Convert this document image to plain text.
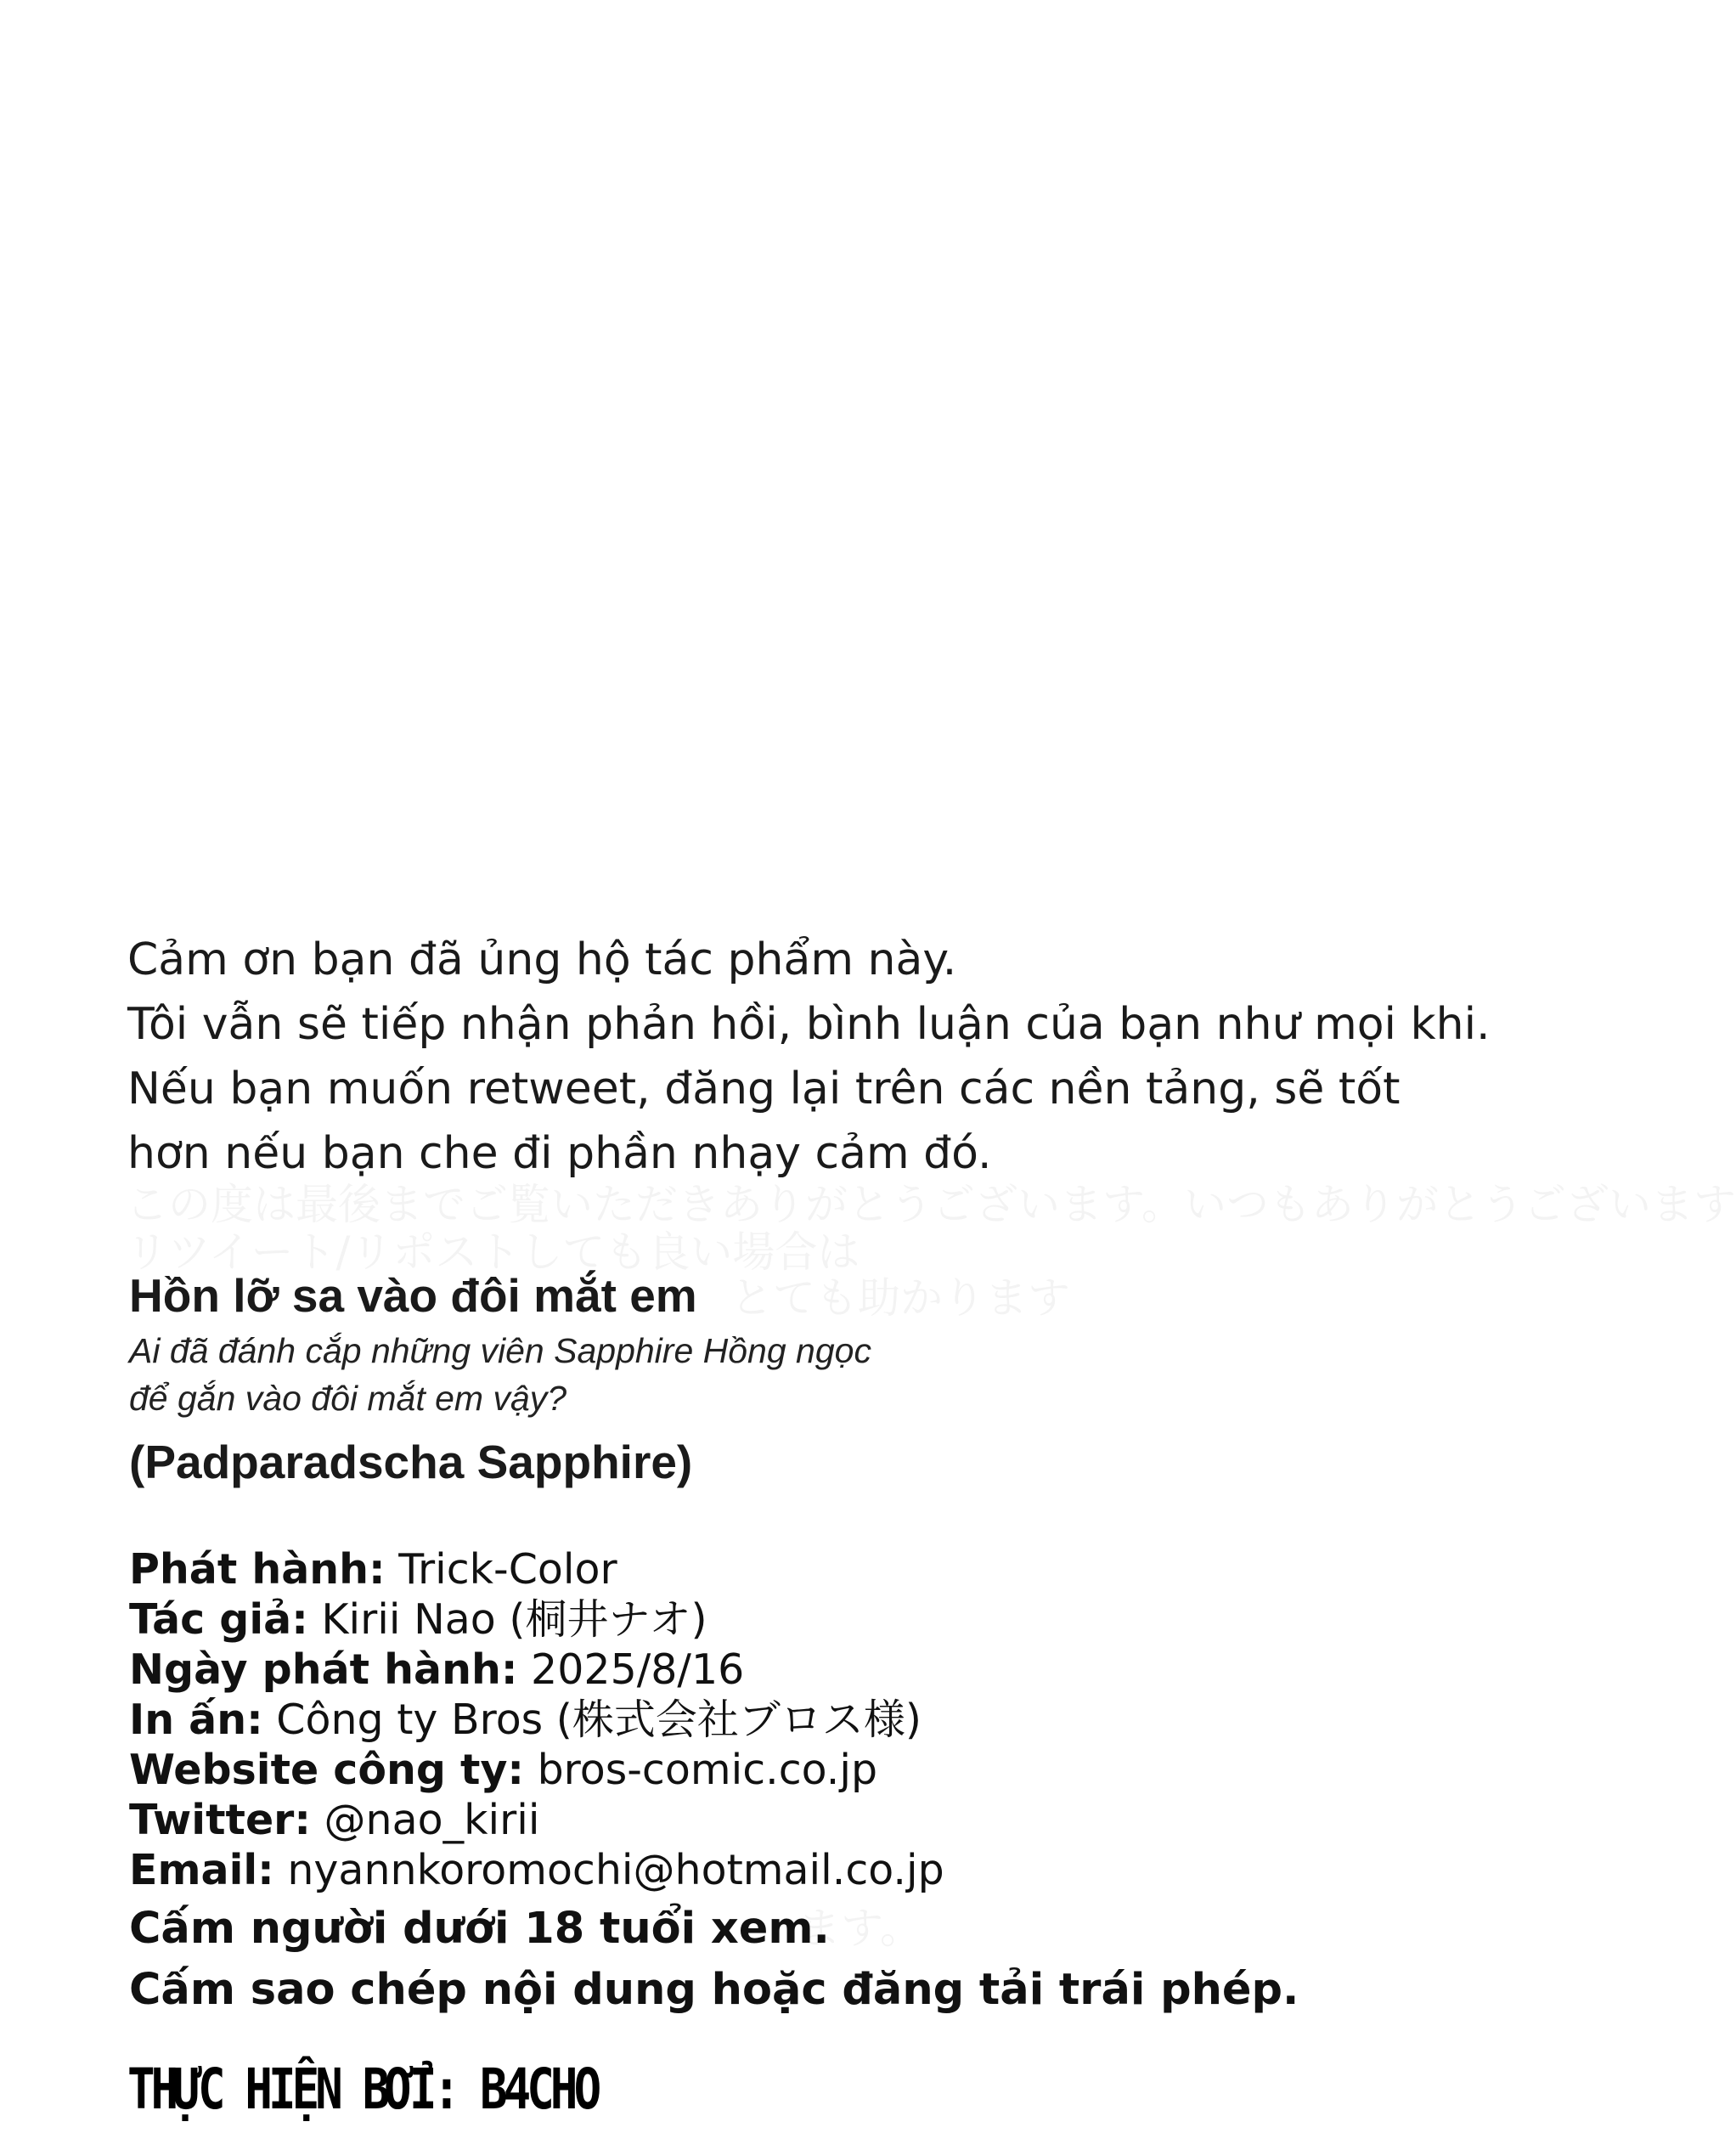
この度は最後までご覧いただきありがとうございます。いつもありがとうございます
リツイート/リポストしても良い場合は
とても助かります
ます。

Cảm ơn bạn đã ủng hộ tác phẩm này.

Tôi vẫn sẽ tiếp nhận phản hồi, bình luận của bạn như mọi khi.

Nếu bạn muốn retweet, đăng lại trên các nền tảng, sẽ tốt

hơn nếu bạn che đi phần nhạy cảm đó.

Hồn lỡ sa vào đôi mắt em

Ai đã đánh cắp những viên Sapphire Hồng ngọc

để gắn vào đôi mắt em vậy?

(Padparadscha Sapphire)

Phát hành: Trick-Color

Tác giả: Kirii Nao (桐井ナオ)

Ngày phát hành: 2025/8/16

In ấn: Công ty Bros (株式会社ブロス様)

Website công ty: bros-comic.co.jp

Twitter: @nao_kirii

Email: nyannkoromochi@hotmail.co.jp

Cấm người dưới 18 tuổi xem.

Cấm sao chép nội dung hoặc đăng tải trái phép.

THỰC HIỆN BỞI: B4CHO
